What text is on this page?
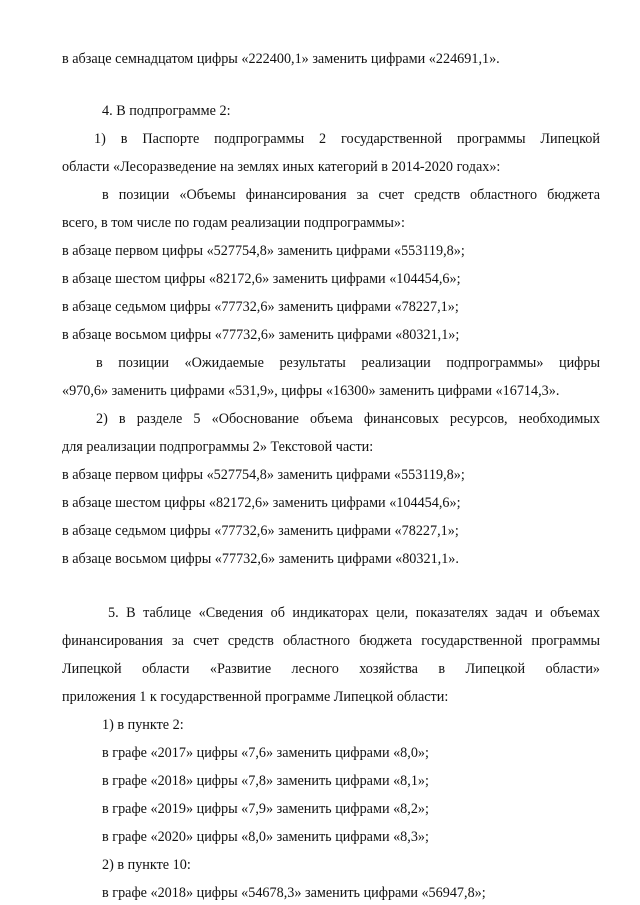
в абзаце семнадцатом цифры «222400,1» заменить цифрами «224691,1».
4. В подпрограмме 2:
1) в Паспорте подпрограммы 2 государственной программы Липецкой
области «Лесоразведение на землях иных категорий в 2014-2020 годах»:
в позиции «Объемы финансирования за счет средств областного бюджета
всего, в том числе по годам реализации подпрограммы»:
в абзаце первом цифры «527754,8» заменить цифрами «553119,8»;
в абзаце шестом цифры «82172,6» заменить цифрами «104454,6»;
в абзаце седьмом цифры «77732,6» заменить цифрами «78227,1»;
в абзаце восьмом цифры «77732,6» заменить цифрами «80321,1»;
в позиции «Ожидаемые результаты реализации подпрограммы» цифры
«970,6» заменить цифрами «531,9», цифры «16300» заменить цифрами «16714,3».
2) в разделе 5 «Обоснование объема финансовых ресурсов, необходимых
для реализации подпрограммы 2» Текстовой части:
в абзаце первом цифры «527754,8» заменить цифрами «553119,8»;
в абзаце шестом цифры «82172,6» заменить цифрами «104454,6»;
в абзаце седьмом цифры «77732,6» заменить цифрами «78227,1»;
в абзаце восьмом цифры «77732,6» заменить цифрами «80321,1».
5. В таблице «Сведения об индикаторах цели, показателях задач и объемах
финансирования за счет средств областного бюджета государственной программы
Липецкой области «Развитие лесного хозяйства в Липецкой области»
приложения 1 к государственной программе Липецкой области:
1) в пункте 2:
в графе «2017» цифры «7,6» заменить цифрами «8,0»;
в графе «2018» цифры «7,8» заменить цифрами «8,1»;
в графе «2019» цифры «7,9» заменить цифрами «8,2»;
в графе «2020» цифры «8,0» заменить цифрами «8,3»;
2) в пункте 10:
в графе «2018» цифры «54678,3» заменить цифрами «56947,8»;
